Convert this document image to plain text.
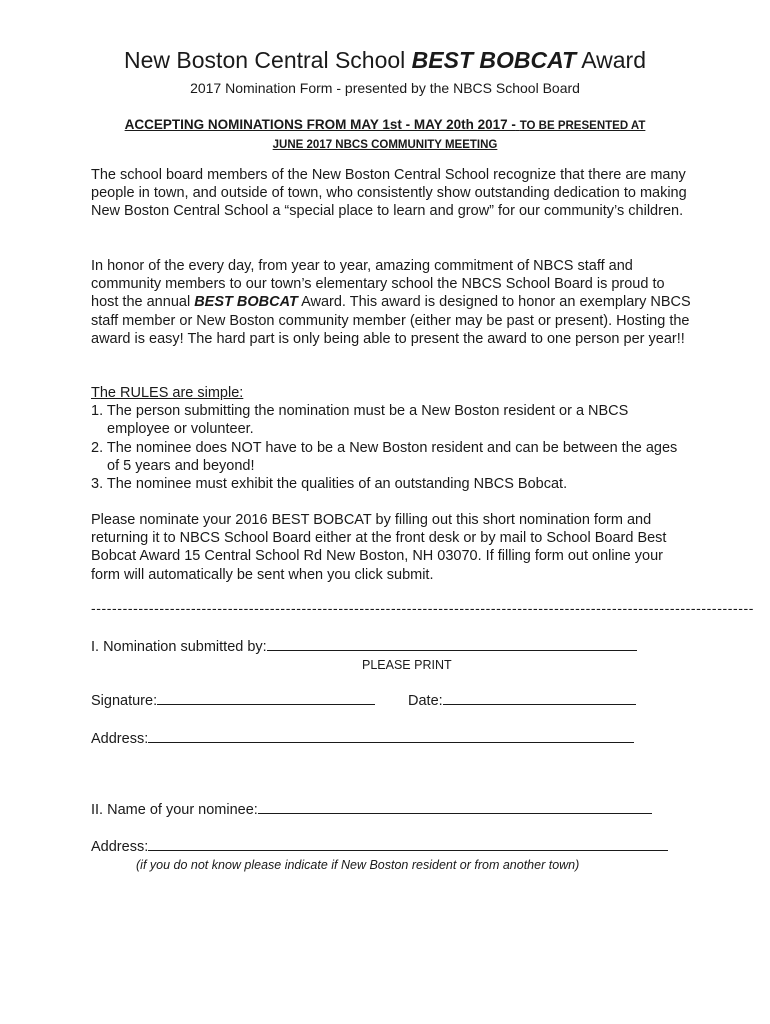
New Boston Central School BEST BOBCAT Award
2017 Nomination Form - presented by the NBCS School Board
ACCEPTING NOMINATIONS FROM MAY 1st - MAY 20th 2017 - TO BE PRESENTED AT
JUNE 2017 NBCS COMMUNITY MEETING

The school board members of the New Boston Central School recognize that there are many people in town, and outside of town, who consistently show outstanding dedication to making New Boston Central School a “special place to learn and grow” for our community’s children.

In honor of the every day, from year to year, amazing commitment of NBCS staff and community members to our town’s elementary school the NBCS School Board is proud to host the annual BEST BOBCAT Award. This award is designed to honor an exemplary NBCS staff member or New Boston community member (either may be past or present). Hosting the award is easy! The hard part is only being able to present the award to one person per year!!

The RULES are simple:
1. The person submitting the nomination must be a New Boston resident or a NBCS employee or volunteer.
2. The nominee does NOT have to be a New Boston resident and can be between the ages of 5 years and beyond!
3. The nominee must exhibit the qualities of an outstanding NBCS Bobcat.

Please nominate your 2016 BEST BOBCAT by filling out this short nomination form and returning it to NBCS School Board either at the front desk or by mail to School Board Best Bobcat Award 15 Central School Rd New Boston, NH 03070. If filling form out online your form will automatically be sent when you click submit.

------------------------------------------------------------------------------------------------------------------------------
I. Nomination submitted by:
PLEASE PRINT
Signature:	Date:
Address:
II. Name of your nominee:
Address:
(if you do not know please indicate if New Boston resident or from another town)
